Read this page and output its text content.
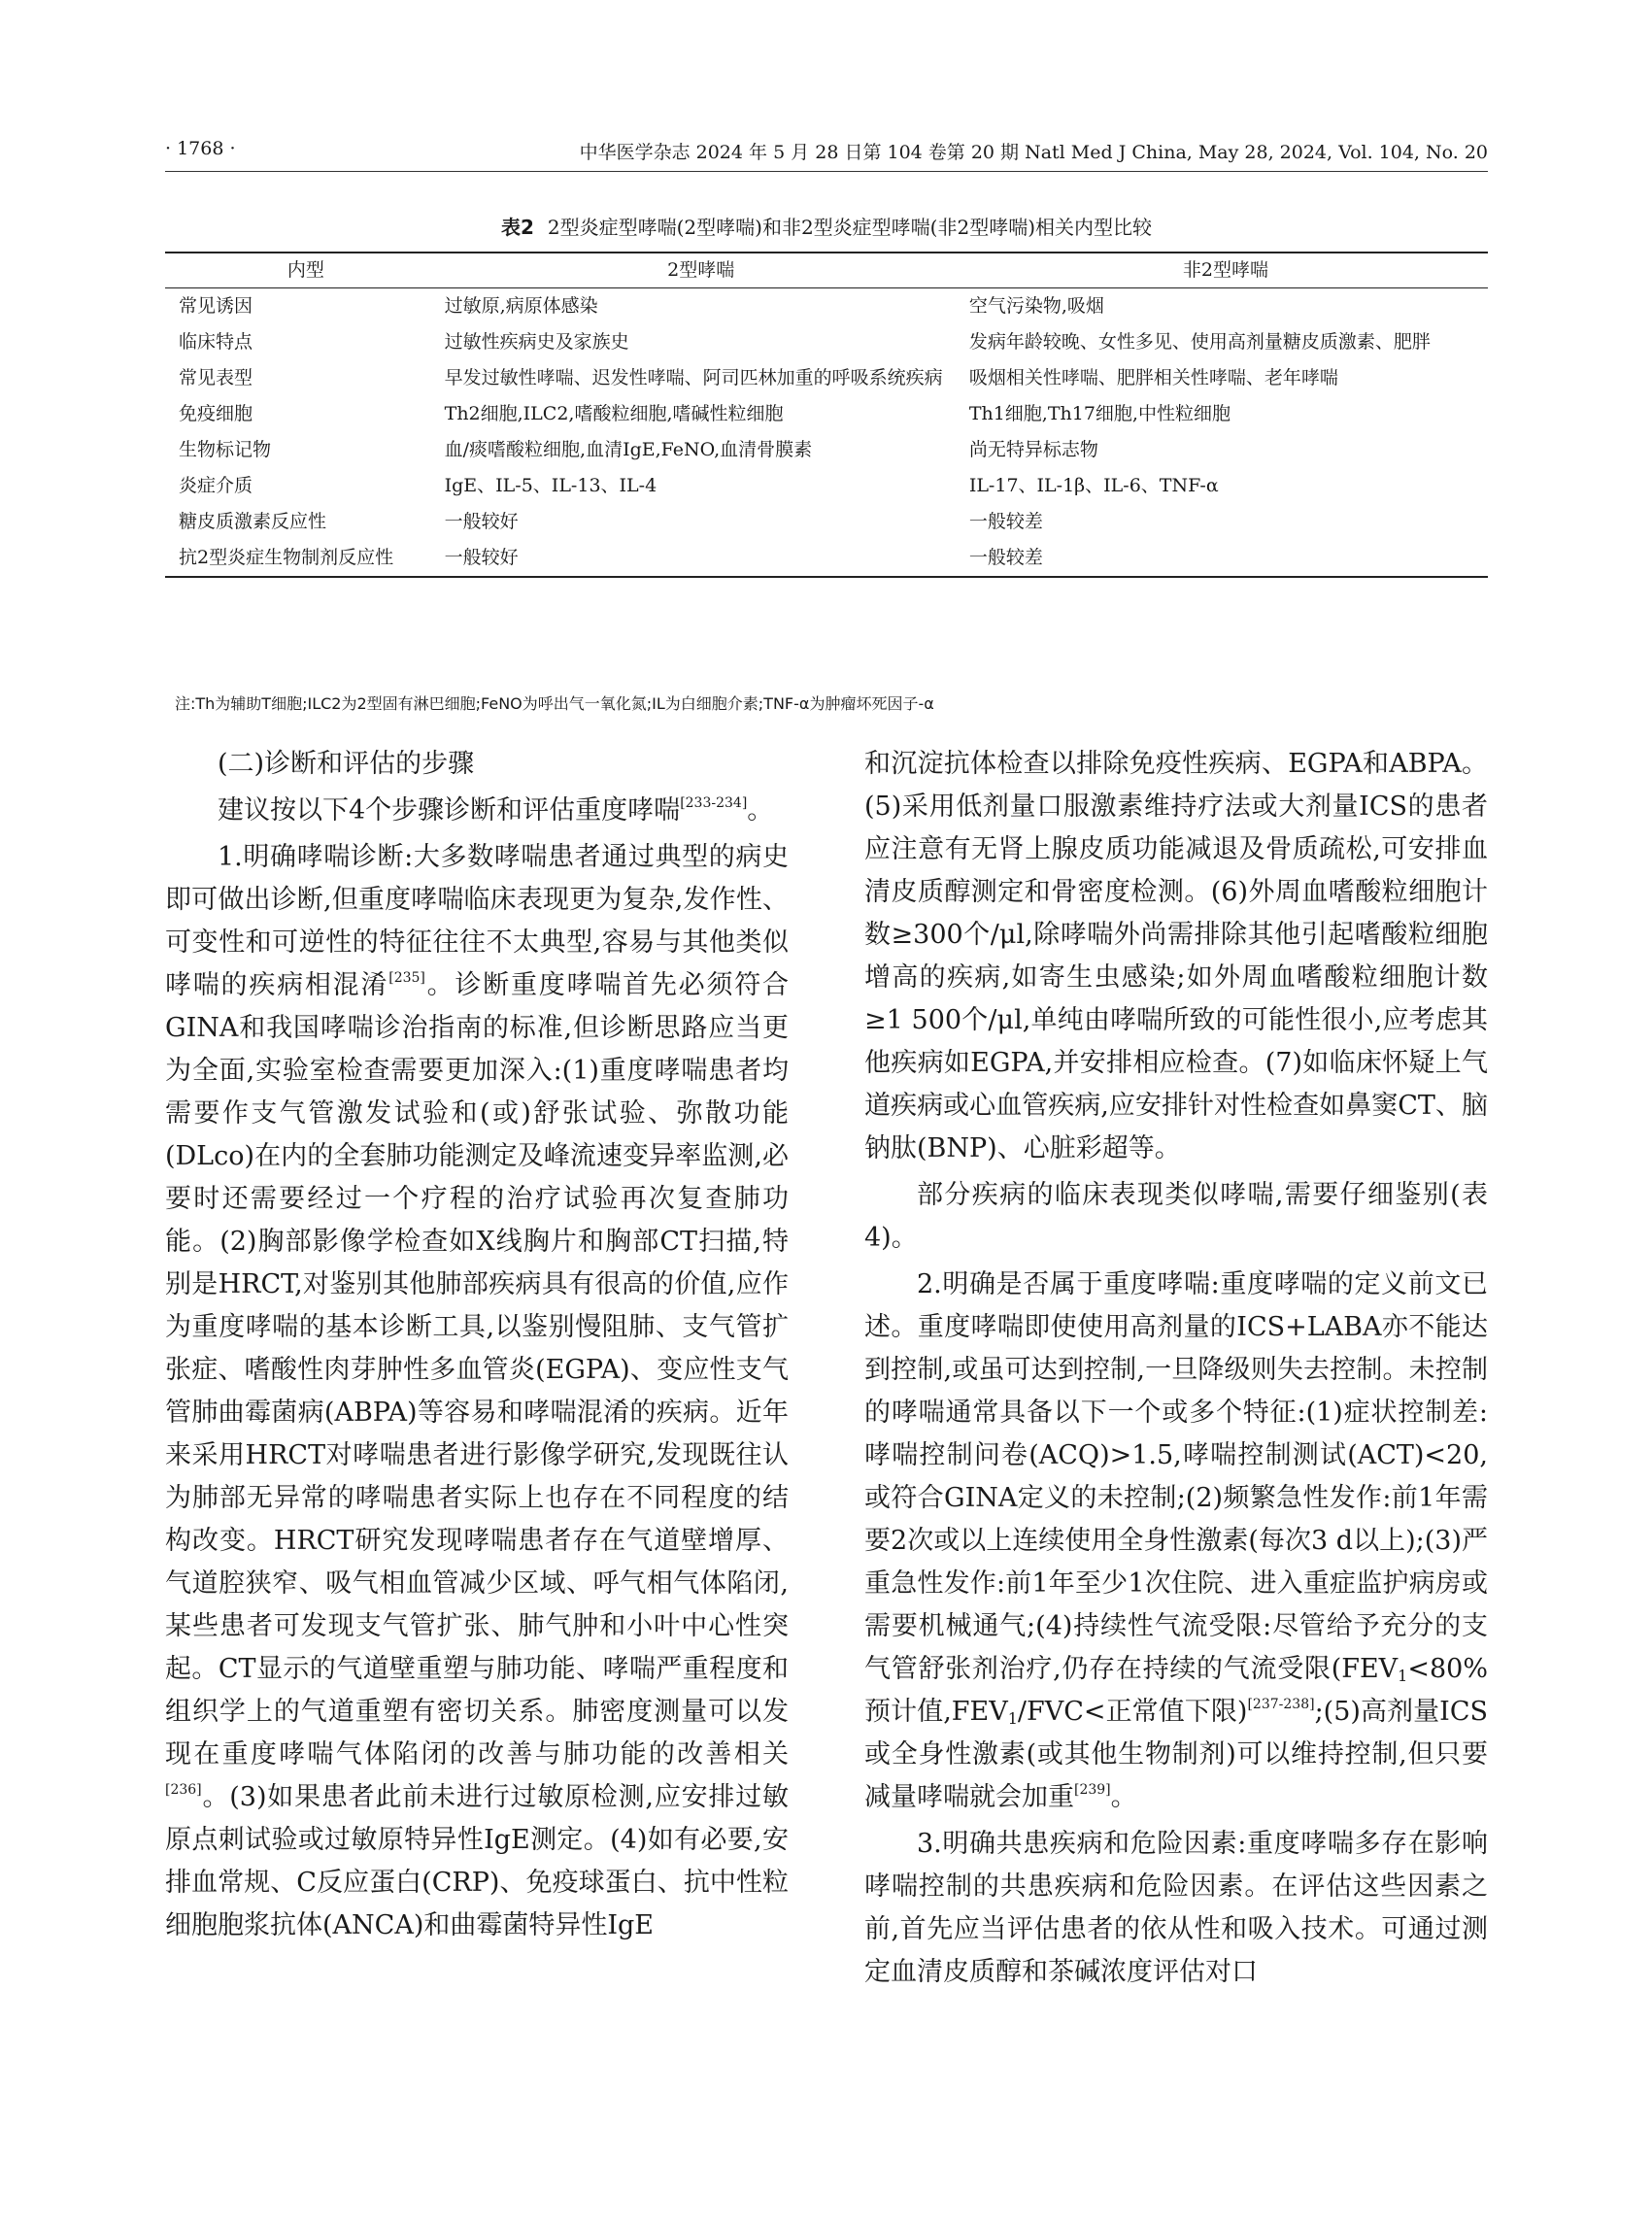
· 1768 ·	中华医学杂志 2024 年 5 月 28 日第 104 卷第 20 期 Natl Med J China, May 28, 2024, Vol. 104, No. 20
表2 2型炎症型哮喘(2型哮喘)和非2型炎症型哮喘(非2型哮喘)相关内型比较
内型	2型哮喘	非2型哮喘

常见诱因	过敏原,病原体感染	空气污染物,吸烟

临床特点	过敏性疾病史及家族史	发病年龄较晚、女性多见、使用高剂量糖皮质激素、肥胖

常见表型	早发过敏性哮喘、迟发性哮喘、阿司匹林加重的呼吸系统疾病	吸烟相关性哮喘、肥胖相关性哮喘、老年哮喘

免疫细胞	Th2细胞,ILC2,嗜酸粒细胞,嗜碱性粒细胞	Th1细胞,Th17细胞,中性粒细胞

生物标记物	血/痰嗜酸粒细胞,血清IgE,FeNO,血清骨膜素	尚无特异标志物

炎症介质	IgE、IL-5、IL-13、IL-4	IL-17、IL-1β、IL-6、TNF-α

糖皮质激素反应性	一般较好	一般较差

抗2型炎症生物制剂反应性	一般较好	一般较差
注:Th为辅助T细胞;ILC2为2型固有淋巴细胞;FeNO为呼出气一氧化氮;IL为白细胞介素;TNF-α为肿瘤坏死因子-α

(二)诊断和评估的步骤

建议按以下4个步骤诊断和评估重度哮喘[233-234]。

1.明确哮喘诊断:大多数哮喘患者通过典型的病史即可做出诊断,但重度哮喘临床表现更为复杂,发作性、可变性和可逆性的特征往往不太典型,容易与其他类似哮喘的疾病相混淆[235]。诊断重度哮喘首先必须符合GINA和我国哮喘诊治指南的标准,但诊断思路应当更为全面,实验室检查需要更加深入:(1)重度哮喘患者均需要作支气管激发试验和(或)舒张试验、弥散功能(DLco)在内的全套肺功能测定及峰流速变异率监测,必要时还需要经过一个疗程的治疗试验再次复查肺功能。(2)胸部影像学检查如X线胸片和胸部CT扫描,特别是HRCT,对鉴别其他肺部疾病具有很高的价值,应作为重度哮喘的基本诊断工具,以鉴别慢阻肺、支气管扩张症、嗜酸性肉芽肿性多血管炎(EGPA)、变应性支气管肺曲霉菌病(ABPA)等容易和哮喘混淆的疾病。近年来采用HRCT对哮喘患者进行影像学研究,发现既往认为肺部无异常的哮喘患者实际上也存在不同程度的结构改变。HRCT研究发现哮喘患者存在气道壁增厚、气道腔狭窄、吸气相血管减少区域、呼气相气体陷闭,某些患者可发现支气管扩张、肺气肿和小叶中心性突起。CT显示的气道壁重塑与肺功能、哮喘严重程度和组织学上的气道重塑有密切关系。肺密度测量可以发现在重度哮喘气体陷闭的改善与肺功能的改善相关[236]。(3)如果患者此前未进行过敏原检测,应安排过敏原点刺试验或过敏原特异性IgE测定。(4)如有必要,安排血常规、C反应蛋白(CRP)、免疫球蛋白、抗中性粒细胞胞浆抗体(ANCA)和曲霉菌特异性IgE

和沉淀抗体检查以排除免疫性疾病、EGPA和ABPA。(5)采用低剂量口服激素维持疗法或大剂量ICS的患者应注意有无肾上腺皮质功能减退及骨质疏松,可安排血清皮质醇测定和骨密度检测。(6)外周血嗜酸粒细胞计数≥300个/μl,除哮喘外尚需排除其他引起嗜酸粒细胞增高的疾病,如寄生虫感染;如外周血嗜酸粒细胞计数≥1 500个/μl,单纯由哮喘所致的可能性很小,应考虑其他疾病如EGPA,并安排相应检查。(7)如临床怀疑上气道疾病或心血管疾病,应安排针对性检查如鼻窦CT、脑钠肽(BNP)、心脏彩超等。

部分疾病的临床表现类似哮喘,需要仔细鉴别(表4)。

2.明确是否属于重度哮喘:重度哮喘的定义前文已述。重度哮喘即使使用高剂量的ICS+LABA亦不能达到控制,或虽可达到控制,一旦降级则失去控制。未控制的哮喘通常具备以下一个或多个特征:(1)症状控制差:哮喘控制问卷(ACQ)>1.5,哮喘控制测试(ACT)<20,或符合GINA定义的未控制;(2)频繁急性发作:前1年需要2次或以上连续使用全身性激素(每次3 d以上);(3)严重急性发作:前1年至少1次住院、进入重症监护病房或需要机械通气;(4)持续性气流受限:尽管给予充分的支气管舒张剂治疗,仍存在持续的气流受限($FEV_1<80\%$预计值$,FEV_1/FVC<$正常值下限)[237-238];(5)高剂量ICS或全身性激素(或其他生物制剂)可以维持控制,但只要减量哮喘就会加重[239]。

3.明确共患疾病和危险因素:重度哮喘多存在影响哮喘控制的共患疾病和危险因素。在评估这些因素之前,首先应当评估患者的依从性和吸入技术。可通过测定血清皮质醇和茶碱浓度评估对口
